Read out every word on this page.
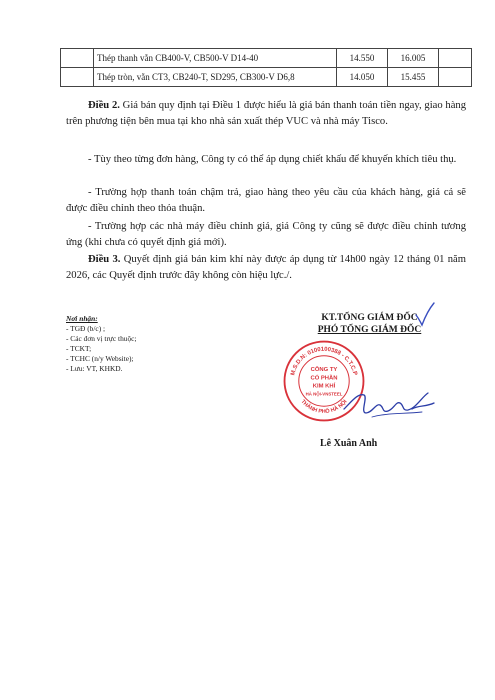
	Thép thanh vằn CB400-V, CB500-V D14-40	14.550	16.005	
	Thép tròn, vằn CT3, CB240-T, SD295, CB300-V D6,8	14.050	15.455	

Điều 2. Giá bán quy định tại Điều 1 được hiểu là giá bán thanh toán tiền ngay, giao hàng trên phương tiện bên mua tại kho nhà sản xuất thép VUC và nhà máy Tisco.

- Tùy theo từng đơn hàng, Công ty có thể áp dụng chiết khấu để khuyến khích tiêu thụ.

- Trường hợp thanh toán chậm trả, giao hàng theo yêu cầu của khách hàng, giá cả sẽ được điều chỉnh theo thỏa thuận.

- Trường hợp các nhà máy điều chỉnh giá, giá Công ty cũng sẽ được điều chỉnh tương ứng (khi chưa có quyết định giá mới).

Điều 3. Quyết định giá bán kim khí này được áp dụng từ 14h00 ngày 12 tháng 01 năm 2026, các Quyết định trước đây không còn hiệu lực./.

Nơi nhận:
- TGĐ (b/c) ;
- Các đơn vị trực thuộc;
- TCKT;
- TCHC (n/y Website);
- Lưu: VT, KHKD.
KT.TỔNG GIÁM ĐỐC
PHÓ TỔNG GIÁM ĐỐC
M.S.D.N: 0100100388 - C.T.C.P
THÀNH PHỐ HÀ NỘI
CÔNG TY
CỔ PHẦN
KIM KHÍ
HÀ NỘI-VNSTEEL
Lê Xuân Anh
